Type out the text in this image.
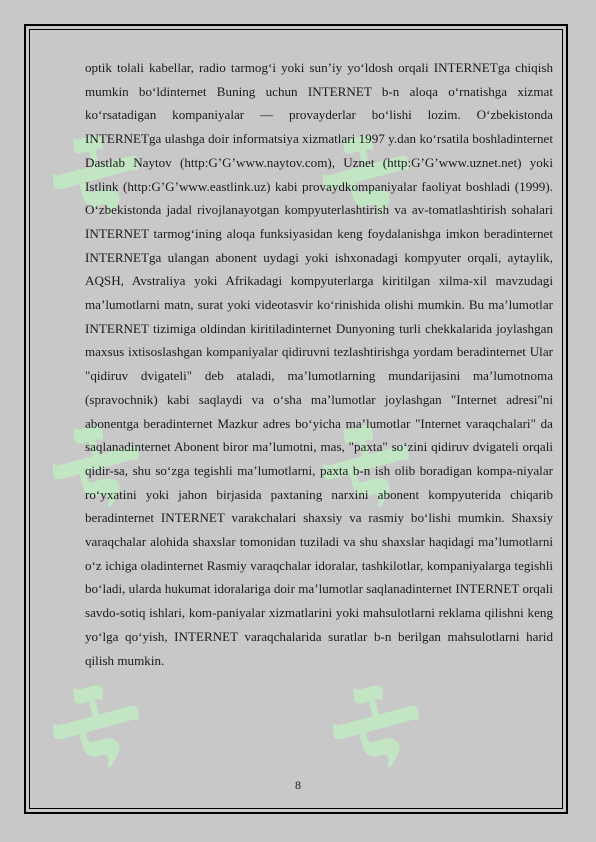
ℵ ℵ
ℵ ℵ
ℵ ℵ

optik tolali kabellar, radio tarmog‘i yoki sun’iy yo‘ldosh orqali INTERNETga chiqish mumkin bo‘ldinternet Buning uchun INTERNET b-n aloqa o‘rnatishga xizmat ko‘rsatadigan kompaniyalar — provayderlar bo‘lishi lozim. O‘zbekistonda INTERNETga ulashga doir informatsiya xizmatlari 1997 y.dan ko‘rsatila boshladinternet Dastlab Naytov (http:G’G’www.naytov.com), Uznet (http:G’G’www.uznet.net) yoki Istlink (http:G’G’www.eastlink.uz) kabi provaydkompaniyalar faoliyat boshladi (1999). O‘zbekistonda jadal rivojlanayotgan kompyuterlashtirish va av-tomatlashtirish sohalari INTERNET tarmog‘ining aloqa funksiyasidan keng foydalanishga imkon beradinternet INTERNETga ulangan abonent uydagi yoki ishxonadagi kompyuter orqali, aytaylik, AQSH, Avstraliya yoki Afrikadagi kompyuterlarga kiritilgan xilma-xil mavzudagi ma’lumotlarni matn, surat yoki videotasvir ko‘rinishida olishi mumkin. Bu ma’lumotlar INTERNET tizimiga oldindan kiritiladinternet Dunyoning turli chekkalarida joylashgan maxsus ixtisoslashgan kompaniyalar qidiruvni tezlashtirishga yordam beradinternet Ular "qidiruv dvigateli" deb ataladi, ma’lumotlarning mundarijasini ma’lumotnoma (spravochnik) kabi saqlaydi va o‘sha ma’lumotlar joylashgan "Internet adresi"ni abonentga beradinternet Mazkur adres bo‘yicha ma’lumotlar "Internet varaqchalari" da saqlanadinternet Abonent biror ma’lumotni, mas, "paxta" so‘zini qidiruv dvigateli orqali qidir-sa, shu so‘zga tegishli ma’lumotlarni, paxta b-n ish olib boradigan kompa-niyalar ro‘yxatini yoki jahon birjasida paxtaning narxini abonent kompyuterida chiqarib beradinternet INTERNET varakchalari shaxsiy va rasmiy bo‘lishi mumkin. Shaxsiy varaqchalar alohida shaxslar tomonidan tuziladi va shu shaxslar haqidagi ma’lumotlarni o‘z ichiga oladinternet Rasmiy varaqchalar idoralar, tashkilotlar, kompaniyalarga tegishli bo‘ladi, ularda hukumat idoralariga doir ma’lumotlar saqlanadinternet INTERNET orqali savdo-sotiq ishlari, kom-paniyalar xizmatlarini yoki mahsulotlarni reklama qilishni keng yo‘lga qo‘yish, INTERNET varaqchalarida suratlar b-n berilgan mahsulotlarni harid qilish mumkin.

8
